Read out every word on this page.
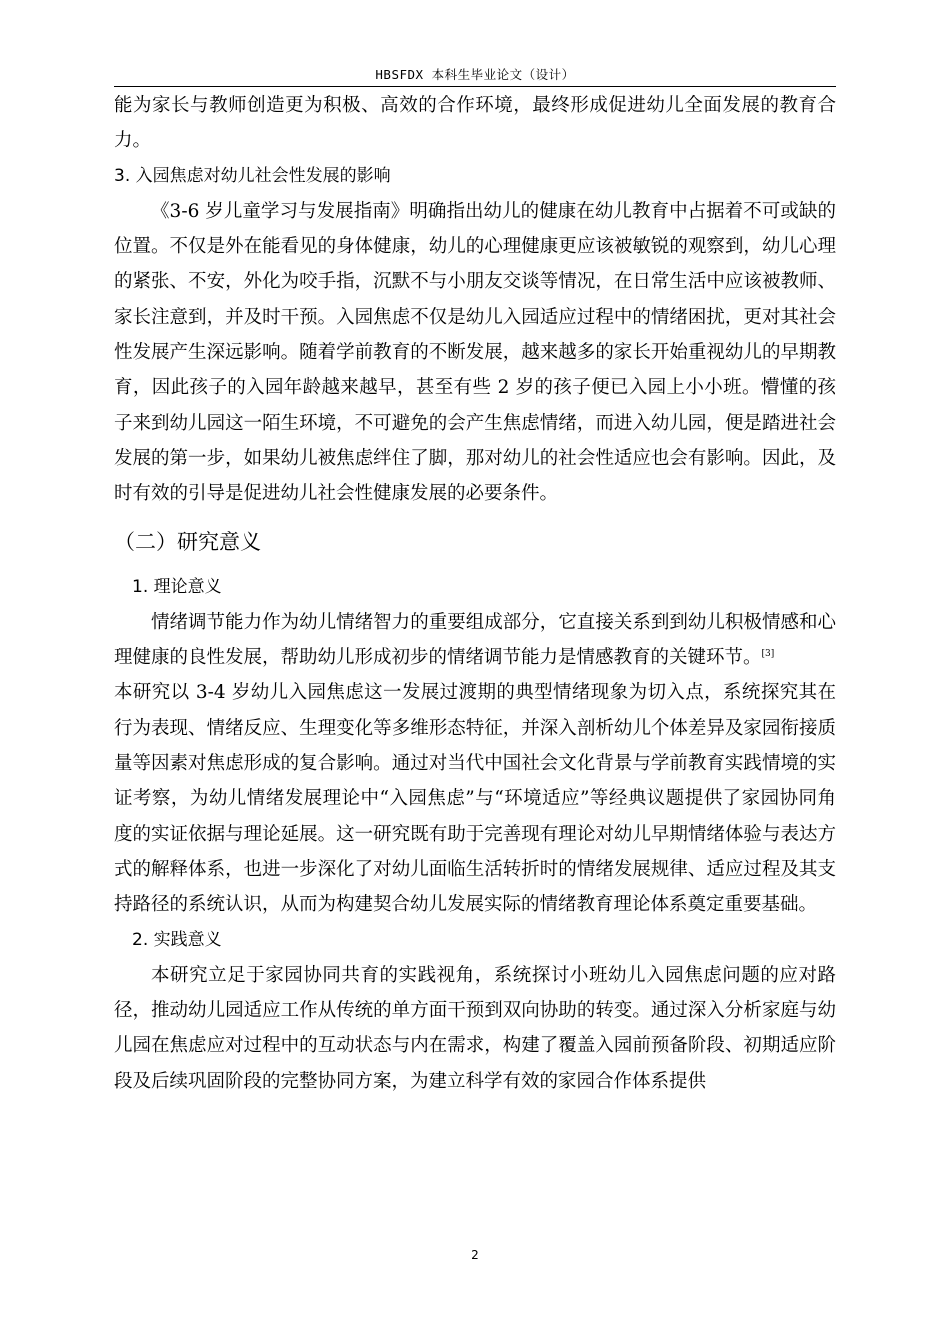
HBSFDX 本科生毕业论文（设计）

能为家长与教师创造更为积极、高效的合作环境，最终形成促进幼儿全面发展的教育合力。

3. 入园焦虑对幼儿社会性发展的影响

《3-6 岁儿童学习与发展指南》明确指出幼儿的健康在幼儿教育中占据着不可或缺的位置。不仅是外在能看见的身体健康，幼儿的心理健康更应该被敏锐的观察到，幼儿心理的紧张、不安，外化为咬手指，沉默不与小朋友交谈等情况，在日常生活中应该被教师、家长注意到，并及时干预。入园焦虑不仅是幼儿入园适应过程中的情绪困扰，更对其社会性发展产生深远影响。随着学前教育的不断发展，越来越多的家长开始重视幼儿的早期教育，因此孩子的入园年龄越来越早，甚至有些 2 岁的孩子便已入园上小小班。懵懂的孩子来到幼儿园这一陌生环境，不可避免的会产生焦虑情绪，而进入幼儿园，便是踏进社会发展的第一步，如果幼儿被焦虑绊住了脚，那对幼儿的社会性适应也会有影响。因此，及时有效的引导是促进幼儿社会性健康发展的必要条件。

（二）研究意义

1. 理论意义

情绪调节能力作为幼儿情绪智力的重要组成部分，它直接关系到到幼儿积极情感和心理健康的良性发展，帮助幼儿形成初步的情绪调节能力是情感教育的关键环节。[3]

本研究以 3-4 岁幼儿入园焦虑这一发展过渡期的典型情绪现象为切入点，系统探究其在行为表现、情绪反应、生理变化等多维形态特征，并深入剖析幼儿个体差异及家园衔接质量等因素对焦虑形成的复合影响。通过对当代中国社会文化背景与学前教育实践情境的实证考察，为幼儿情绪发展理论中“入园焦虑”与“环境适应”等经典议题提供了家园协同角度的实证依据与理论延展。这一研究既有助于完善现有理论对幼儿早期情绪体验与表达方式的解释体系，也进一步深化了对幼儿面临生活转折时的情绪发展规律、适应过程及其支持路径的系统认识，从而为构建契合幼儿发展实际的情绪教育理论体系奠定重要基础。

2. 实践意义

本研究立足于家园协同共育的实践视角，系统探讨小班幼儿入园焦虑问题的应对路径，推动幼儿园适应工作从传统的单方面干预到双向协助的转变。通过深入分析家庭与幼儿园在焦虑应对过程中的互动状态与内在需求，构建了覆盖入园前预备阶段、初期适应阶段及后续巩固阶段的完整协同方案，为建立科学有效的家园合作体系提供

2
